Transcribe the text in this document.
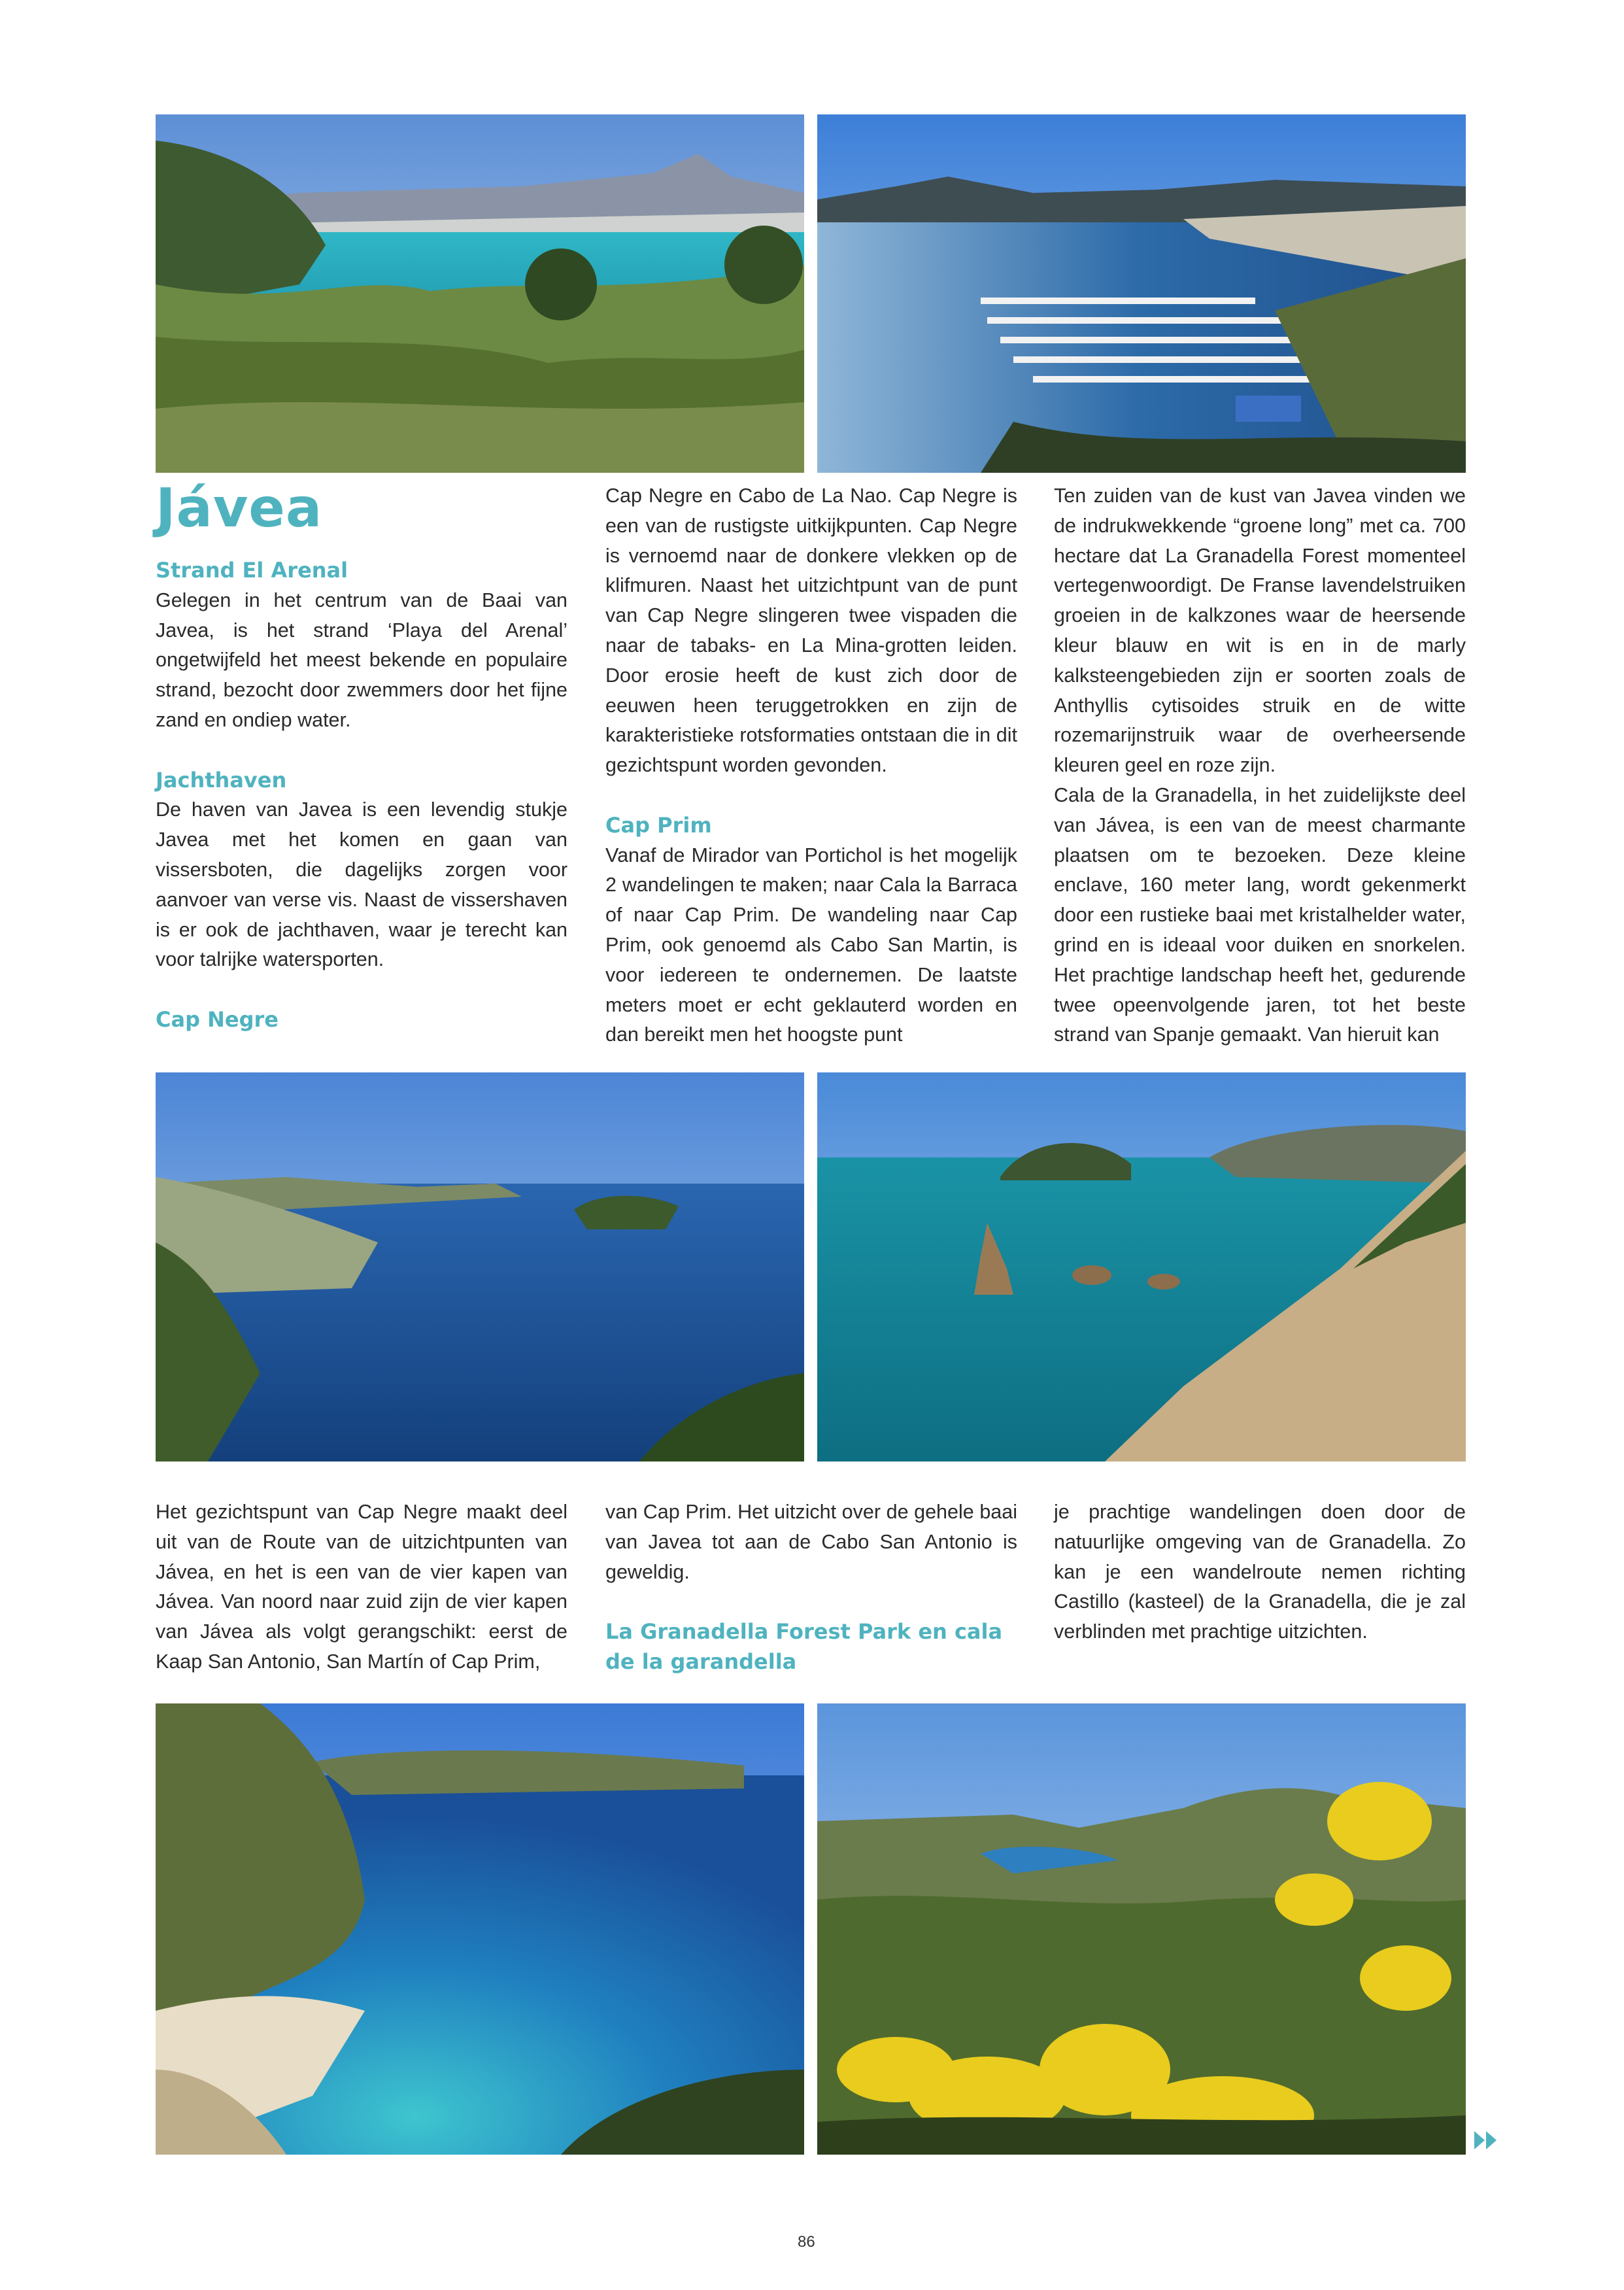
Jávea

Strand El Arenal

Gelegen in het centrum van de Baai van Javea, is het strand ‘Playa del Arenal’ ongetwijfeld het meest bekende en populaire strand, bezocht door zwemmers door het fijne zand en ondiep water.

Jachthaven

De haven van Javea is een levendig stukje Javea met het komen en gaan van vissersboten, die dagelijks zorgen voor aanvoer van verse vis. Naast de vissershaven is er ook de jachthaven, waar je terecht kan voor talrijke watersporten.

Cap Negre

Cap Negre en Cabo de La Nao. Cap Negre is een van de rustigste uitkijkpunten. Cap Negre is vernoemd naar de donkere vlekken op de klifmuren. Naast het uitzichtpunt van de punt van Cap Negre slingeren twee vispaden die naar de tabaks- en La Mina-grotten leiden. Door erosie heeft de kust zich door de eeuwen heen teruggetrokken en zijn de karakteristieke rotsformaties ontstaan die in dit gezichtspunt worden gevonden.

Cap Prim

Vanaf de Mirador van Portichol is het mogelijk 2 wandelingen te maken; naar Cala la Barraca of naar Cap Prim. De wandeling naar Cap Prim, ook genoemd als Cabo San Martin, is voor iedereen te ondernemen. De laatste meters moet er echt geklauterd worden en dan bereikt men het hoogste punt

Ten zuiden van de kust van Javea vinden we de indrukwekkende “groene long” met ca. 700 hectare dat La Granadella Forest momenteel vertegenwoordigt. De Franse lavendelstruiken groeien in de kalkzones waar de heersende kleur blauw en wit is en in de marly kalksteengebieden zijn er soorten zoals de Anthyllis cytisoides struik en de witte rozemarijnstruik waar de overheersende kleuren geel en roze zijn.

Cala de la Granadella, in het zuidelijkste deel van Jávea, is een van de meest charmante plaatsen om te bezoeken. Deze kleine enclave, 160 meter lang, wordt gekenmerkt door een rustieke baai met kristalhelder water, grind en is ideaal voor duiken en snorkelen. Het prachtige landschap heeft het, gedurende twee opeenvolgende jaren, tot het beste strand van Spanje gemaakt. Van hieruit kan

Het gezichtspunt van Cap Negre maakt deel uit van de Route van de uitzichtpunten van Jávea, en het is een van de vier kapen van Jávea. Van noord naar zuid zijn de vier kapen van Jávea als volgt gerangschikt: eerst de Kaap San Antonio, San Martín of Cap Prim,

van Cap Prim. Het uitzicht over de gehele baai van Javea tot aan de Cabo San Antonio is geweldig.

La Granadella Forest Park en cala de la garandella

je prachtige wandelingen doen door de natuurlijke omgeving van de Granadella. Zo kan je een wandelroute nemen richting Castillo (kasteel) de la Granadella, die je zal verblinden met prachtige uitzichten.

86
